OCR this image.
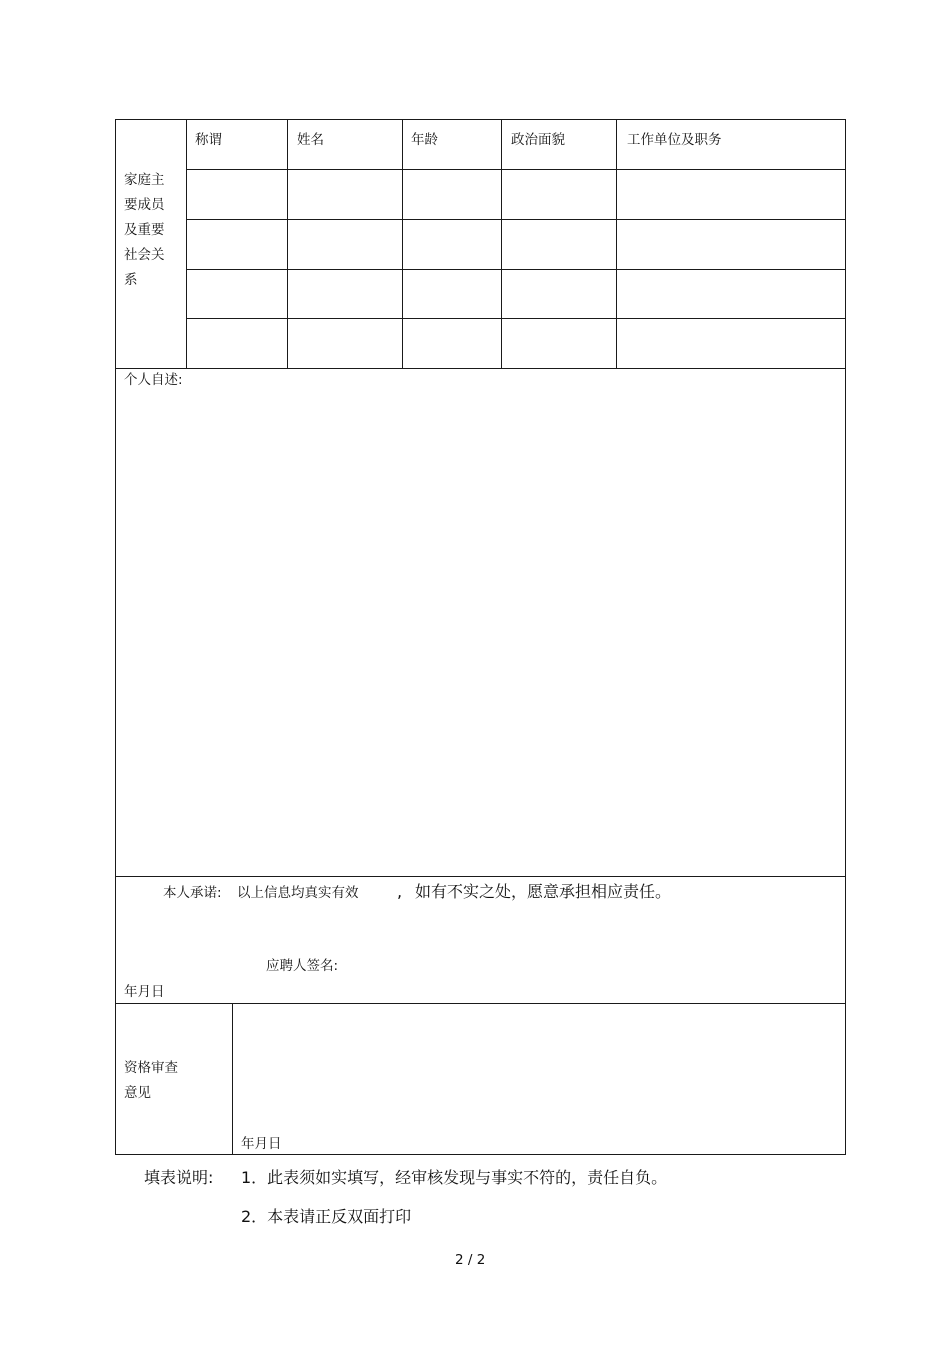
家庭主
要成员
及重要
社会关
系
称谓	姓名	年龄	政治面貌	工作单位及职务
个人自述:
本人承诺: 以上信息均真实有效 , 如有不实之处，愿意承担相应责任。
应聘人签名:
年月日
资格审查
意见
年月日
填表说明: 1．此表须如实填写，经审核发现与事实不符的，责任自负。
2．本表请正反双面打印
2 / 2
